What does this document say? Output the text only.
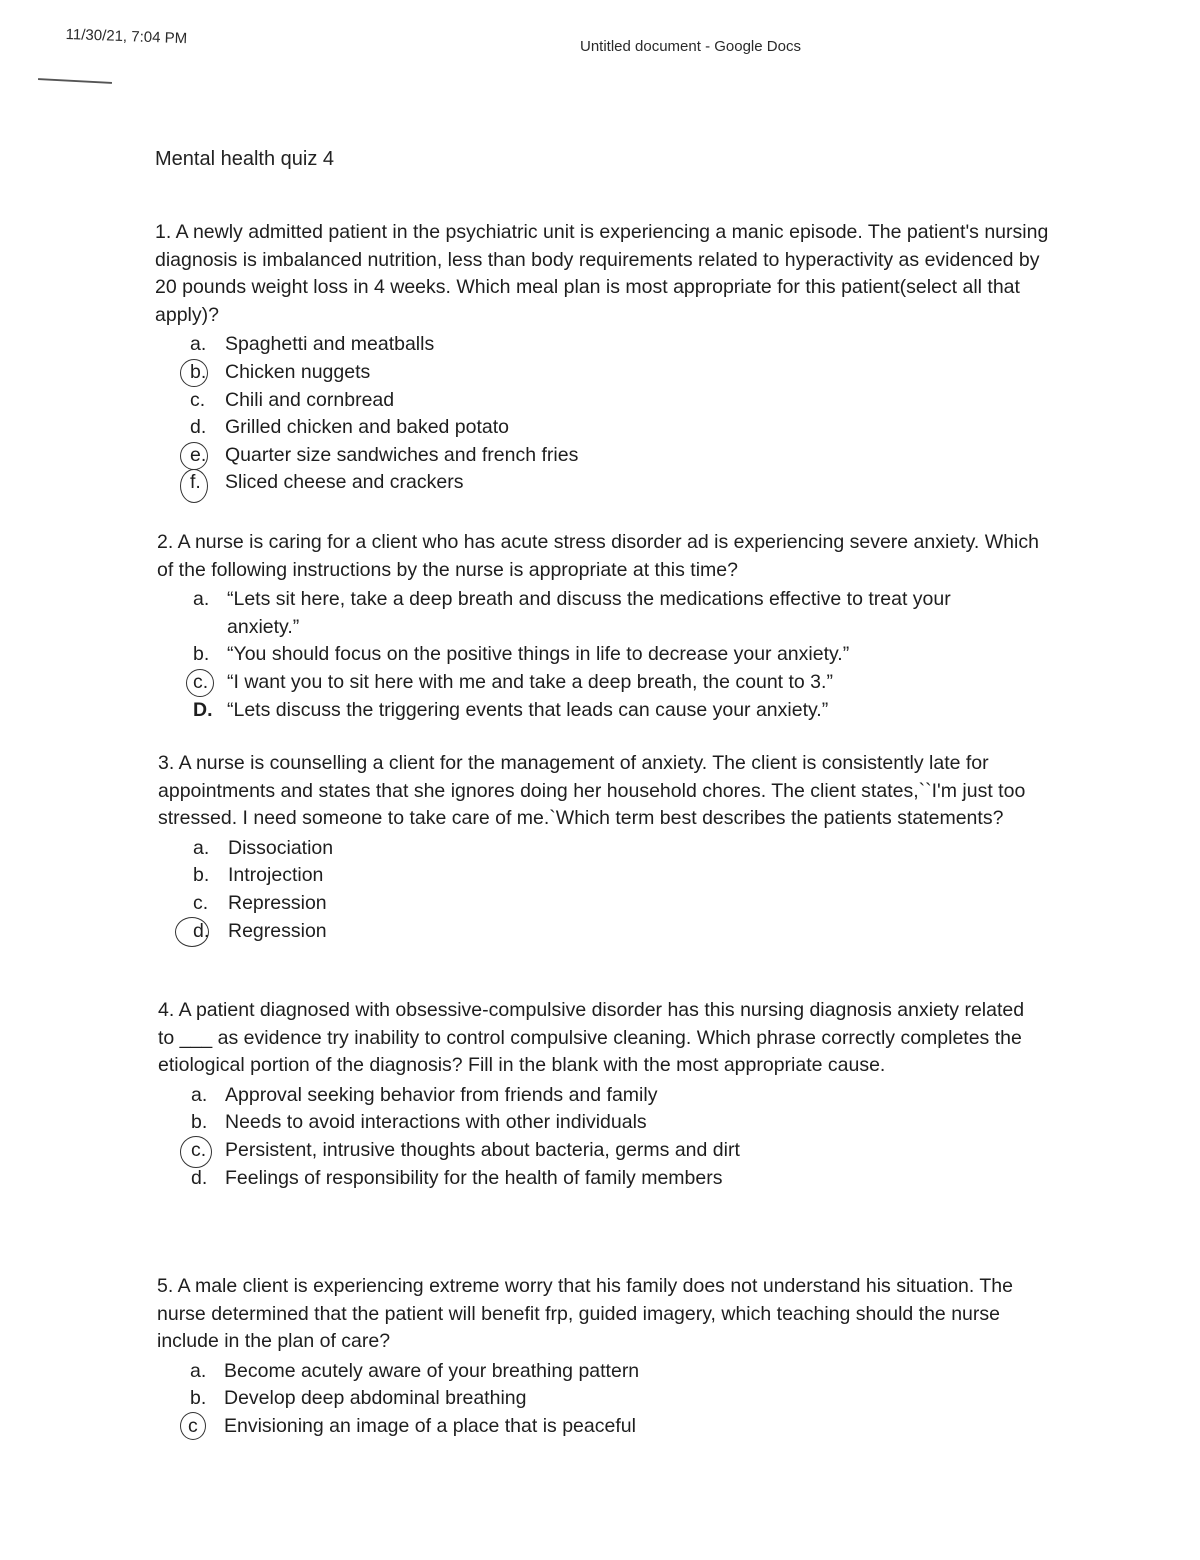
11/30/21, 7:04 PM	Untitled document - Google Docs
Mental health quiz 4

1. A newly admitted patient in the psychiatric unit is experiencing a manic episode. The patient's nursing diagnosis is imbalanced nutrition, less than body requirements related to hyperactivity as evidenced by 20 pounds weight loss in 4 weeks. Which meal plan is most appropriate for this patient(select all that apply)?

a. Spaghetti and meatballs
b. Chicken nuggets
c.	Chili and cornbread
d. Grilled chicken and baked potato
e. Quarter size sandwiches and french fries
f.	Sliced cheese and crackers

2. A nurse is caring for a client who has acute stress disorder ad is experiencing severe anxiety. Which of the following instructions by the nurse is appropriate at this time?

a. “Lets sit here, take a deep breath and discuss the medications effective to treat your anxiety.”
b. “You should focus on the positive things in life to decrease your anxiety.”
c. “I want you to sit here with me and take a deep breath, the count to 3.”
D. “Lets discuss the triggering events that leads can cause your anxiety.”

3. A nurse is counselling a client for the management of anxiety. The client is consistently late for appointments and states that she ignores doing her household chores. The client states,``I'm just too stressed. I need someone to take care of me.`Which term best describes the patients statements?

a. Dissociation
b. Introjection
c.	Repression
d. Regression

4. A patient diagnosed with obsessive-compulsive disorder has this nursing diagnosis anxiety related to ___ as evidence try inability to control compulsive cleaning. Which phrase correctly completes the etiological portion of the diagnosis? Fill in the blank with the most appropriate cause.

a. Approval seeking behavior from friends and family
b. Needs to avoid interactions with other individuals
c. Persistent, intrusive thoughts about bacteria, germs and dirt
d. Feelings of responsibility for the health of family members

5. A male client is experiencing extreme worry that his family does not understand his situation. The nurse determined that the patient will benefit frp, guided imagery, which teaching should the nurse include in the plan of care?

a. Become acutely aware of your breathing pattern
b. Develop deep abdominal breathing
c	Envisioning an image of a place that is peaceful
